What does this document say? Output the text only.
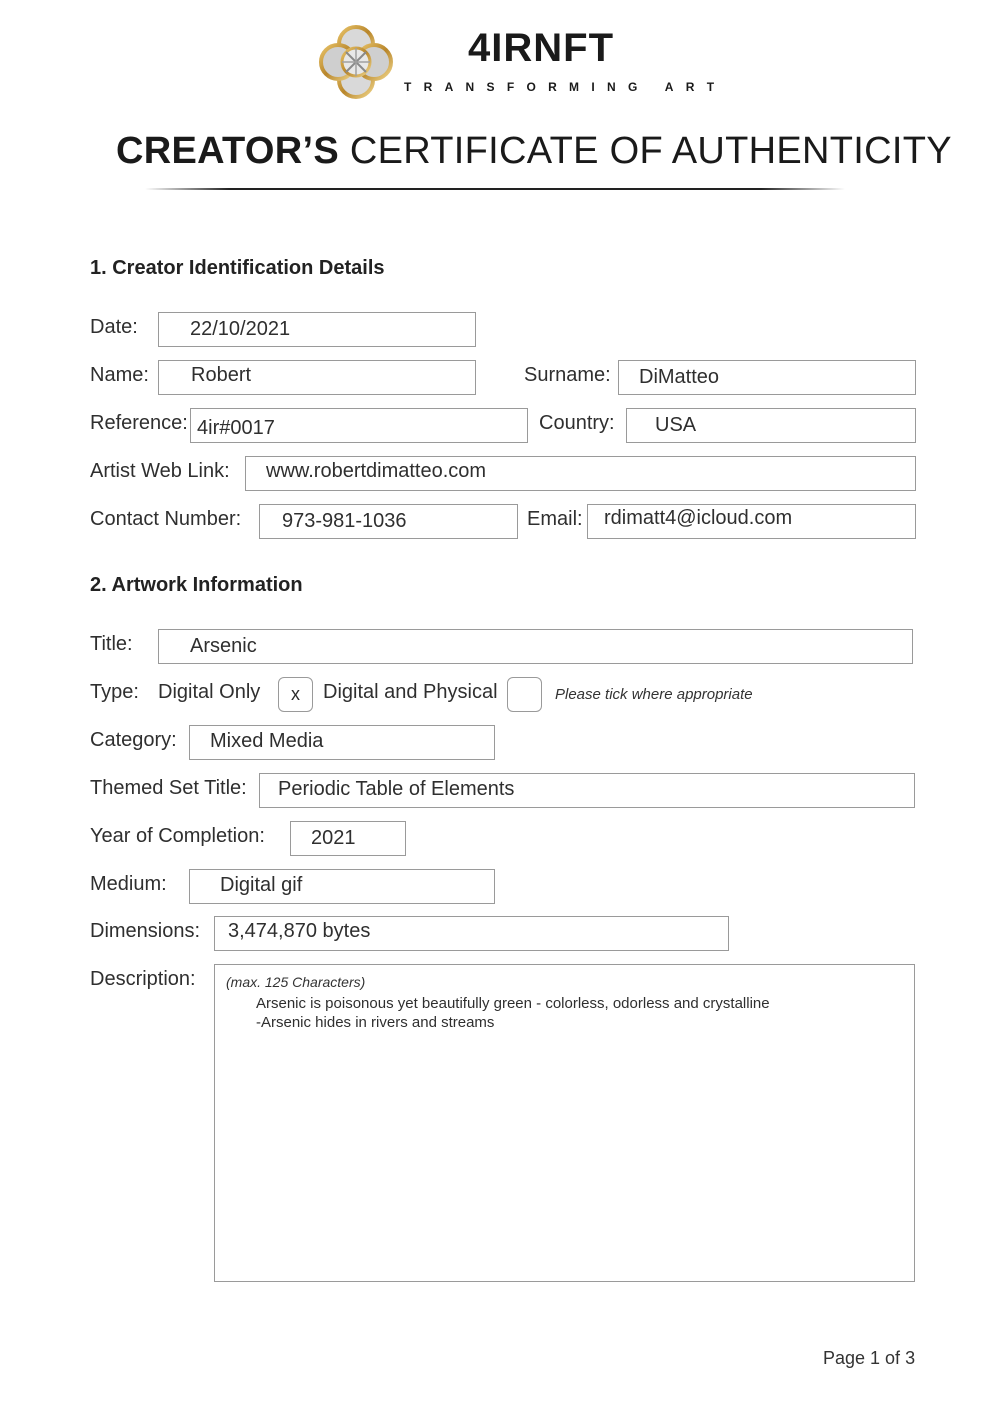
4IRNFT
TRANSFORMING ART
CREATOR’S CERTIFICATE OF AUTHENTICITY
1. Creator Identification Details
Date:	22/10/2021
Name: Robert	Surname: DiMatteo
Reference: 4ir#0017	Country: USA
Artist Web Link: www.robertdimatteo.com
Contact Number: 973-981-1036	Email: rdimatt4@icloud.com
2. Artwork Information
Title:	Arsenic
Type: Digital Only	x	Digital and Physical	Please tick where appropriate
Category: Mixed Media
Themed Set Title: Periodic Table of Elements
Year of Completion: 2021
Medium:	Digital gif
Dimensions: 3,474,870 bytes
Description: (max. 125 Characters)
Arsenic is poisonous yet beautifully green - colorless, odorless and crystalline
-Arsenic hides in rivers and streams
Page 1 of 3
